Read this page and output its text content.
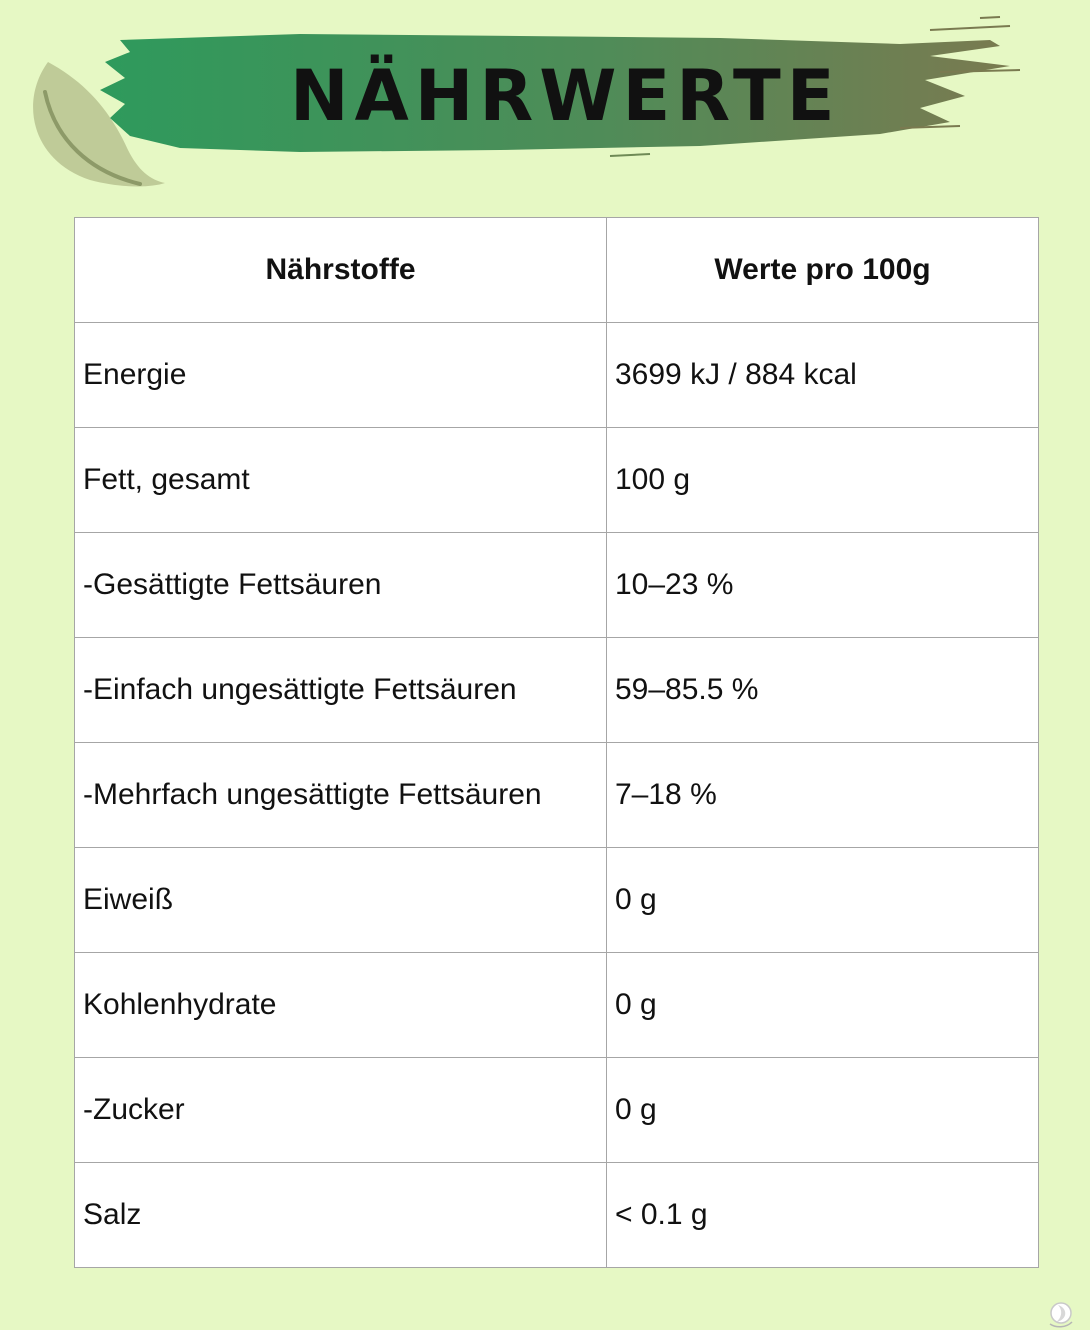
NÄHRWERTE
Nährstoffe	Werte pro 100g
Energie	3699 kJ / 884 kcal
Fett, gesamt	100 g
-Gesättigte Fettsäuren	10–23 %
-Einfach ungesättigte Fettsäuren	59–85.5 %
-Mehrfach ungesättigte Fettsäuren	7–18 %
Eiweiß	0 g
Kohlenhydrate	0 g
-Zucker	0 g
Salz	< 0.1 g
